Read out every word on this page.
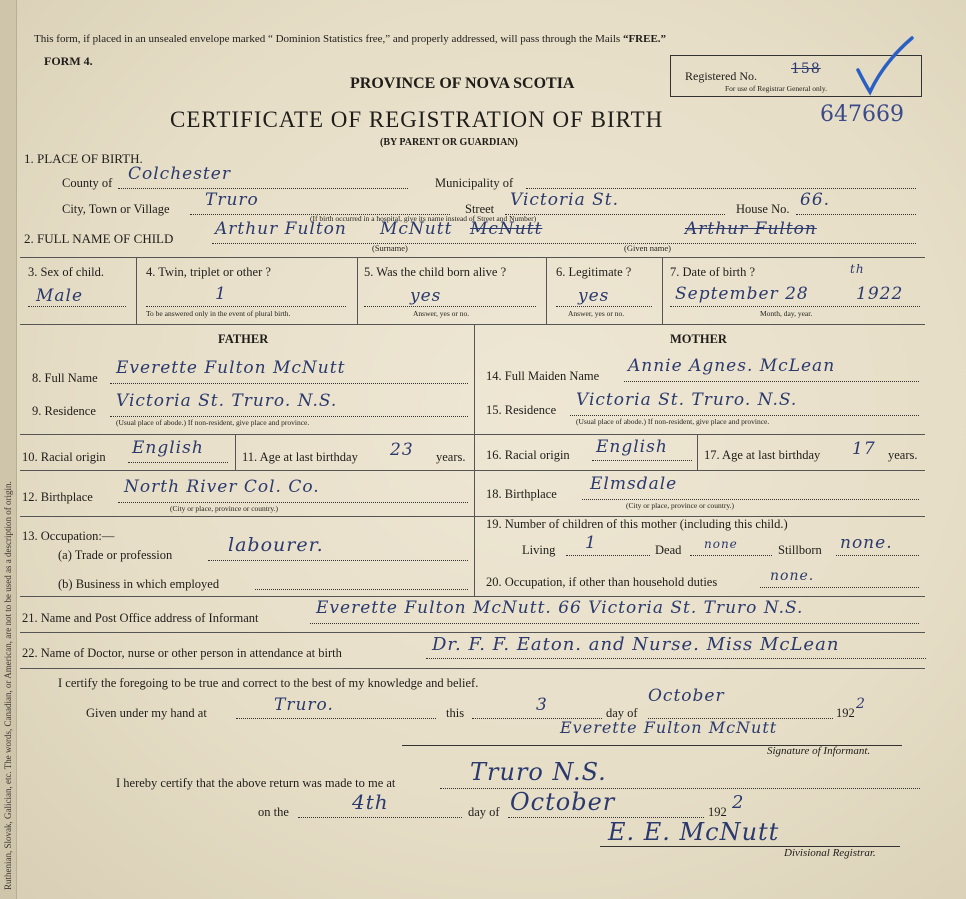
Ruthenian, Slovak, Galician, etc. The words, Canadian, or American, are not to be used as a description of origin.
This form, if placed in an unsealed envelope marked “ Dominion Statistics free,” and properly addressed, will pass through the Mails “FREE.”
FORM 4.
PROVINCE OF NOVA SCOTIA
CERTIFICATE OF REGISTRATION OF BIRTH
(BY PARENT OR GUARDIAN)
Registered No. 158
For use of Registrar General only.
647669
1. PLACE OF BIRTH.
County of Colchester	Municipality of
City, Town or Village Truro	Street Victoria St.	House No. 66.
(If birth occurred in a hospital, give its name instead of Street and Number)
2. FULL NAME OF CHILD Arthur Fulton McNutt McNutt	Arthur Fulton
(Surname)	(Given name)
3. Sex of child.
Male
4. Twin, triplet or other ?
1
To be answered only in the event of plural birth.
5. Was the child born alive ?
yes
Answer, yes or no.
6. Legitimate ?
yes
Answer, yes or no.
7. Date of birth ?	th
September 28	1922
Month, day, year.
FATHER	MOTHER
8. Full Name Everette Fulton McNutt
9. Residence Victoria St. Truro. N.S.
(Usual place of abode.) If non-resident, give place and province.
10. Racial origin English	11. Age at last birthday 23 years.
12. Birthplace North River Col. Co.
(City or place, province or country.)
13. Occupation:—
(a) Trade or profession	labourer.
(b) Business in which employed
14. Full Maiden Name Annie Agnes. McLean
15. Residence Victoria St. Truro. N.S.
(Usual place of abode.) If non-resident, give place and province.
16. Racial origin English	17. Age at last birthday 17 years.
18. Birthplace Elmsdale
(City or place, province or country.)
19. Number of children of this mother (including this child.)
Living 1	Dead none	Stillborn none.
20. Occupation, if other than household duties	none.
21. Name and Post Office address of Informant	Everette Fulton McNutt. 66 Victoria St. Truro N.S.
22. Name of Doctor, nurse or other person in attendance at birth	Dr. F. F. Eaton. and Nurse. Miss McLean
I certify the foregoing to be true and correct to the best of my knowledge and belief.
Given under my hand at	Truro.	this	3	day of
October
192
2
Everette Fulton McNutt
Signature of Informant.
I hereby certify that the above return was made to me at	Truro N.S.
on the	4th	day of October	192 2
E. E. McNutt
Divisional Registrar.
